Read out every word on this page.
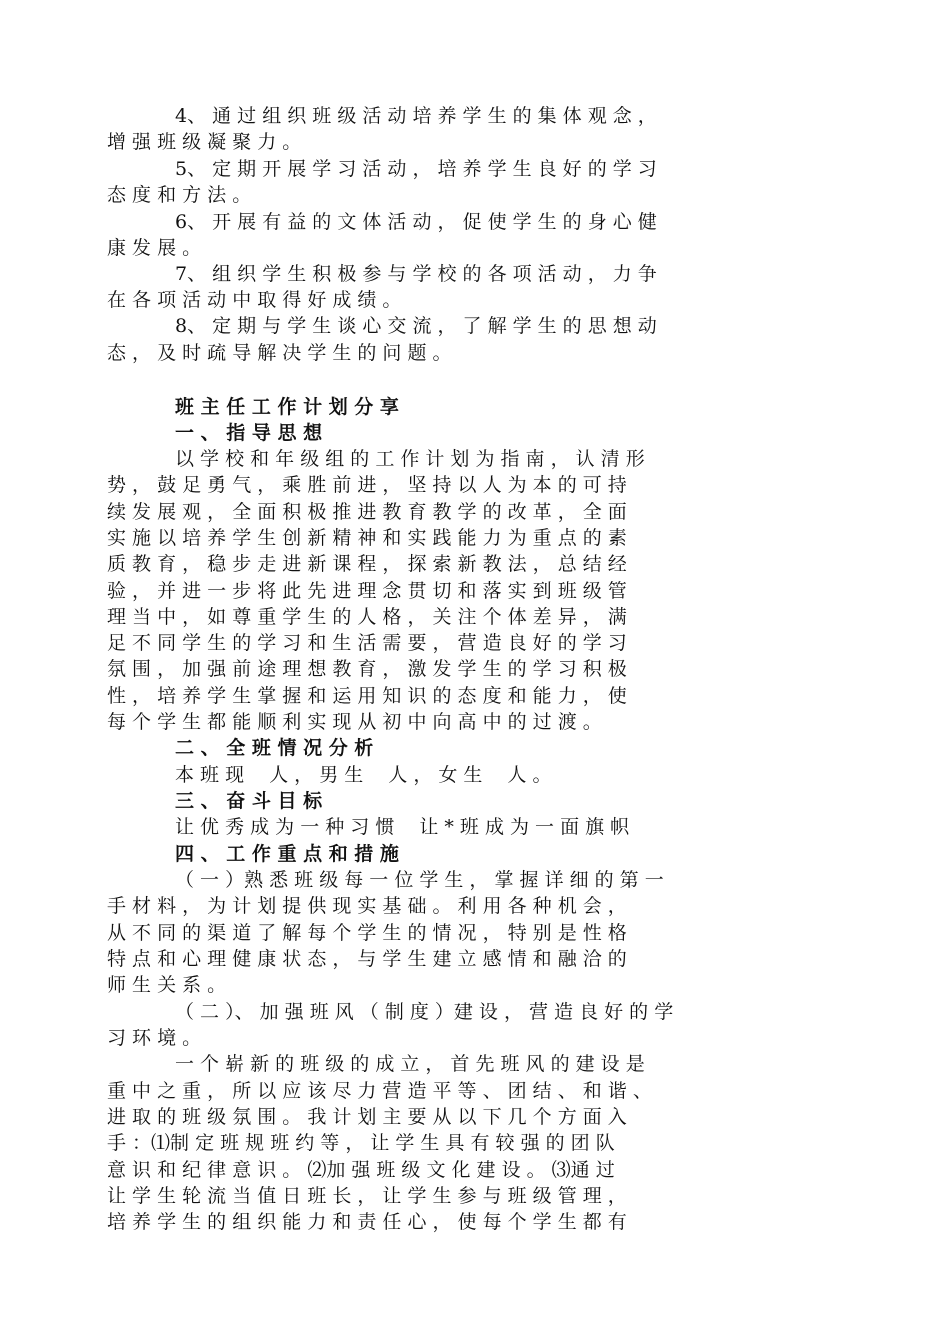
4、 通 过 组 织 班 级 活 动 培 养 学 生 的 集 体 观 念 ，
增 强 班 级 凝 聚 力 。
5、 定 期 开 展 学 习 活 动 ， 培 养 学 生 良 好 的 学 习
态 度 和 方 法 。
6、 开 展 有 益 的 文 体 活 动 ， 促 使 学 生 的 身 心 健
康 发 展 。
7、 组 织 学 生 积 极 参 与 学 校 的 各 项 活 动 ， 力 争
在 各 项 活 动 中 取 得 好 成 绩 。
8、 定 期 与 学 生 谈 心 交 流 ， 了 解 学 生 的 思 想 动
态 ， 及 时 疏 导 解 决 学 生 的 问 题 。
班 主 任 工 作 计 划 分 享
一 、 指 导 思 想
以 学 校 和 年 级 组 的 工 作 计 划 为 指 南 ， 认 清 形
势 ， 鼓 足 勇 气 ， 乘 胜 前 进 ， 坚 持 以 人 为 本 的 可 持
续 发 展 观 ， 全 面 积 极 推 进 教 育 教 学 的 改 革 ， 全 面
实 施 以 培 养 学 生 创 新 精 神 和 实 践 能 力 为 重 点 的 素
质 教 育 ， 稳 步 走 进 新 课 程 ， 探 索 新 教 法 ， 总 结 经
验 ， 并 进 一 步 将 此 先 进 理 念 贯 切 和 落 实 到 班 级 管
理 当 中 ， 如 尊 重 学 生 的 人 格 ， 关 注 个 体 差 异 ， 满
足 不 同 学 生 的 学 习 和 生 活 需 要 ， 营 造 良 好 的 学 习
氛 围 ， 加 强 前 途 理 想 教 育 ， 激 发 学 生 的 学 习 积 极
性 ， 培 养 学 生 掌 握 和 运 用 知 识 的 态 度 和 能 力 ， 使
每 个 学 生 都 能 顺 利 实 现 从 初 中 向 高 中 的 过 渡 。
二 、 全 班 情 况 分 析
本 班 现 　人 ， 男 生 　人 ， 女 生 　人 。
三 、 奋 斗 目 标
让 优 秀 成 为 一 种 习 惯 　让 * 班 成 为 一 面 旗 帜
四 、 工 作 重 点 和 措 施
（ 一 ）熟 悉 班 级 每 一 位 学 生 ， 掌 握 详 细 的 第 一
手 材 料 ， 为 计 划 提 供 现 实 基 础 。 利 用 各 种 机 会 ，
从 不 同 的 渠 道 了 解 每 个 学 生 的 情 况 ， 特 别 是 性 格
特 点 和 心 理 健 康 状 态 ， 与 学 生 建 立 感 情 和 融 洽 的
师 生 关 系 。
（ 二 ）、 加 强 班 风 （ 制 度 ）建 设 ， 营 造 良 好 的 学
习 环 境 。
一 个 崭 新 的 班 级 的 成 立 ， 首 先 班 风 的 建 设 是
重 中 之 重 ， 所 以 应 该 尽 力 营 造 平 等 、 团 结 、 和 谐 、
进 取 的 班 级 氛 围 。 我 计 划 主 要 从 以 下 几 个 方 面 入
手 ：⑴制 定 班 规 班 约 等 ， 让 学 生 具 有 较 强 的 团 队
意 识 和 纪 律 意 识 。 ⑵加 强 班 级 文 化 建 设 。 ⑶通 过
让 学 生 轮 流 当 值 日 班 长 ， 让 学 生 参 与 班 级 管 理 ，
培 养 学 生 的 组 织 能 力 和 责 任 心 ， 使 每 个 学 生 都 有
